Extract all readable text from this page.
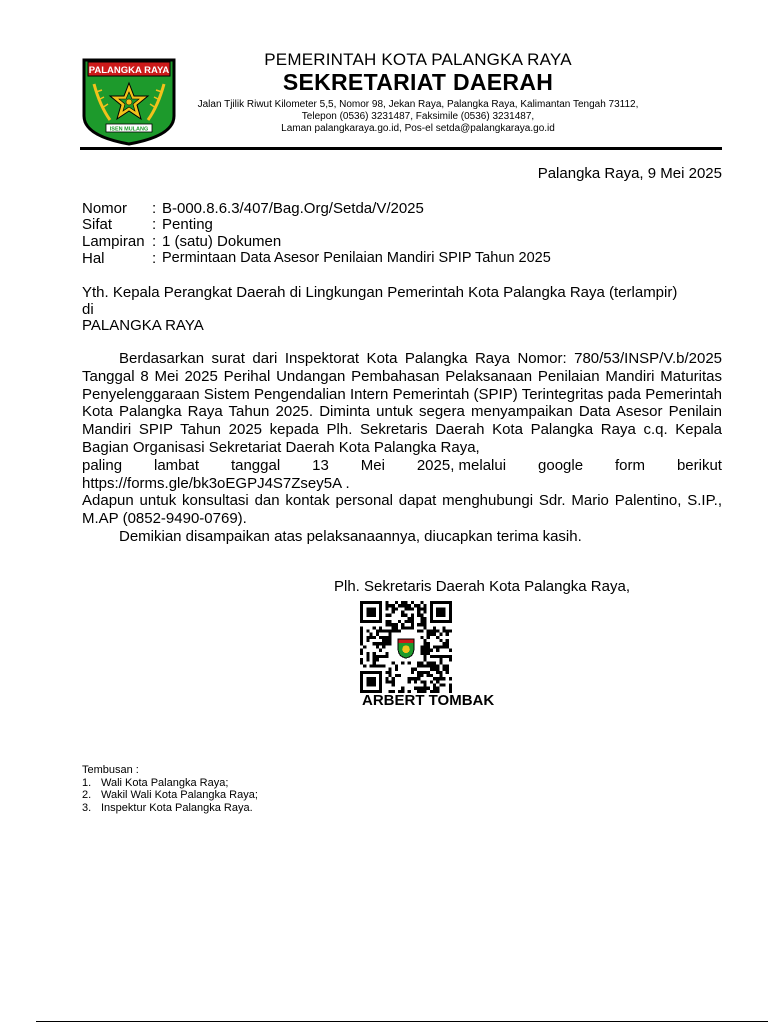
PALANGKA RAYA
ISEN MULANG
PEMERINTAH KOTA PALANGKA RAYA
SEKRETARIAT DAERAH
Jalan Tjilik Riwut Kilometer 5,5, Nomor 98, Jekan Raya, Palangka Raya, Kalimantan Tengah 73112,
Telepon (0536) 3231487, Faksimile (0536) 3231487,
Laman palangkaraya.go.id, Pos-el setda@palangkaraya.go.id
Palangka Raya, 9 Mei 2025
Nomor : B-000.8.6.3/407/Bag.Org/Setda/V/2025
Sifat	: Penting
Lampiran : 1 (satu) Dokumen
Hal	: Permintaan Data Asesor Penilaian Mandiri SPIP Tahun 2025
Yth. Kepala Perangkat Daerah di Lingkungan Pemerintah Kota Palangka Raya (terlampir)
di
PALANGKA RAYA

Berdasarkan surat dari Inspektorat Kota Palangka Raya Nomor: 780/53/INSP/V.b/2025 Tanggal 8 Mei 2025 Perihal Undangan Pembahasan Pelaksanaan Penilaian Mandiri Maturitas Penyelenggaraan Sistem Pengendalian Intern Pemerintah (SPIP) Terintegritas pada Pemerintah Kota Palangka Raya Tahun 2025. Diminta untuk segera menyampaikan Data Asesor Penilain Mandiri SPIP Tahun 2025 kepada Plh. Sekretaris Daerah Kota Palangka Raya c.q. Kepala Bagian Organisasi Sekretariat Daerah Kota Palangka Raya,

paling lambat tanggal 13 Mei 2025, melalui google form berikut

https://forms.gle/bk3oEGPJ4S7Zsey5A .

Adapun untuk konsultasi dan kontak personal dapat menghubungi Sdr. Mario Palentino, S.IP., M.AP (0852-9490-0769).

Demikian disampaikan atas pelaksanaannya, diucapkan terima kasih.

Plh. Sekretaris Daerah Kota Palangka Raya,
ARBERT TOMBAK
Tembusan :
1. Wali Kota Palangka Raya;
2. Wakil Wali Kota Palangka Raya;
3. Inspektur Kota Palangka Raya.
